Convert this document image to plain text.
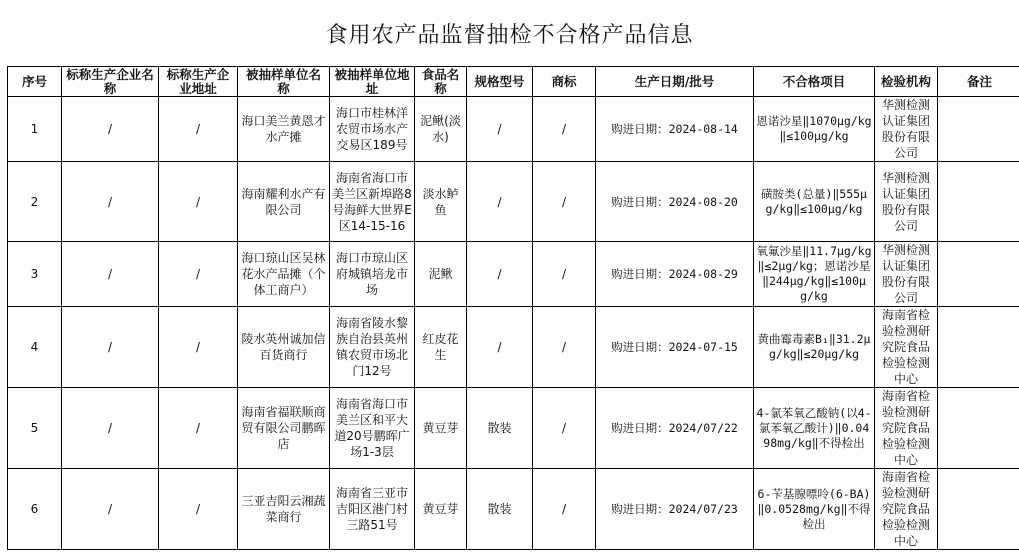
食用农产品监督抽检不合格产品信息
序号	标称生产企业名称	标称生产企业地址	被抽样单位名称	被抽样单位地址	食品名称	规格型号	商标	生产日期/批号	不合格项目	检验机构	备注
1	/	/	海口美兰黄恩才水产摊	海口市桂林洋农贸市场水产交易区189号	泥鳅(淡水)	/	/	购进日期：2024-08-14	恩诺沙星‖1070μg/kg‖≤100μg/kg	华测检测认证集团股份有限公司	
2	/	/	海南耀利水产有限公司	海南省海口市美兰区新埠路8号海鲜大世界E区14-15-16	淡水鲈鱼	/	/	购进日期：2024-08-20	磺胺类(总量)‖555μg/kg‖≤100μg/kg	华测检测认证集团股份有限公司	
3	/	/	海口琼山区吴林花水产品摊（个体工商户）	海口市琼山区府城镇培龙市场	泥鳅	/	/	购进日期：2024-08-29	氧氟沙星‖11.7μg/kg‖≤2μg/kg；恩诺沙星‖244μg/kg‖≤100μg/kg	华测检测认证集团股份有限公司	
4	/	/	陵水英州诚加信百货商行	海南省陵水黎族自治县英州镇农贸市场北门12号	红皮花生	/	/	购进日期：2024-07-15	黄曲霉毒素B₁‖31.2μg/kg‖≤20μg/kg	海南省检验检测研究院食品检验检测中心	
5	/	/	海南省福联顺商贸有限公司鹏晖店	海南省海口市美兰区和平大道20号鹏晖广场1-3层	黄豆芽	散装	/	购进日期：2024/07/22	4-氯苯氧乙酸钠(以4-氯苯氧乙酸计)‖0.0498mg/kg‖不得检出	海南省检验检测研究院食品检验检测中心	
6	/	/	三亚吉阳云湘蔬菜商行	海南省三亚市吉阳区港门村三路51号	黄豆芽	散装	/	购进日期：2024/07/23	6-苄基腺嘌呤(6-BA)‖0.0528mg/kg‖不得检出	海南省检验检测研究院食品检验检测中心	
